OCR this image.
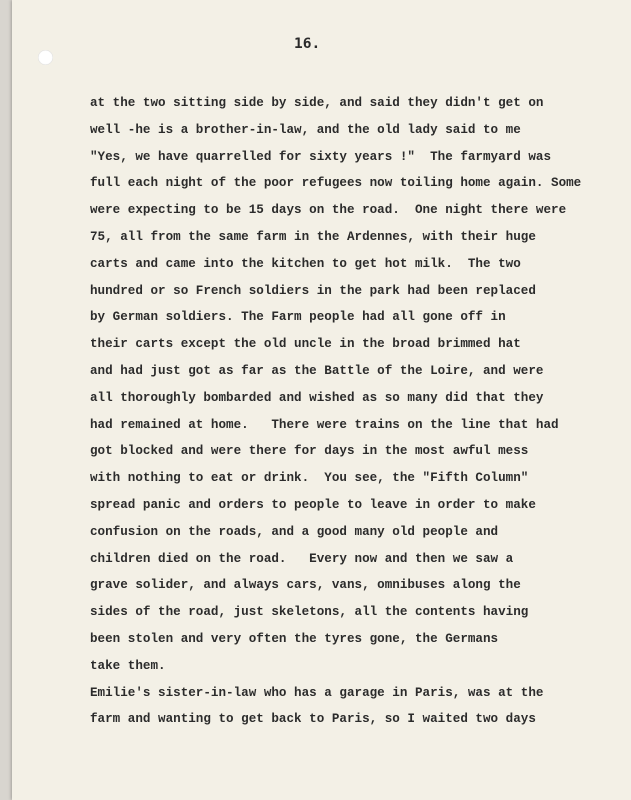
16.
at the two sitting side by side, and said they didn't get on
well -he is a brother-in-law, and the old lady said to me
"Yes, we have quarrelled for sixty years !"  The farmyard was
full each night of the poor refugees now toiling home again. Some
were expecting to be 15 days on the road.  One night there were
75, all from the same farm in the Ardennes, with their huge
carts and came into the kitchen to get hot milk.  The two
hundred or so French soldiers in the park had been replaced
by German soldiers. The Farm people had all gone off in
their carts except the old uncle in the broad brimmed hat
and had just got as far as the Battle of the Loire, and were
all thoroughly bombarded and wished as so many did that they
had remained at home.   There were trains on the line that had
got blocked and were there for days in the most awful mess
with nothing to eat or drink.  You see, the "Fifth Column"
spread panic and orders to people to leave in order to make
confusion on the roads, and a good many old people and
children died on the road.   Every now and then we saw a
grave solider, and always cars, vans, omnibuses along the
sides of the road, just skeletons, all the contents having
been stolen and very often the tyres gone, the Germans
take them.
Emilie's sister-in-law who has a garage in Paris, was at the
farm and wanting to get back to Paris, so I waited two days
